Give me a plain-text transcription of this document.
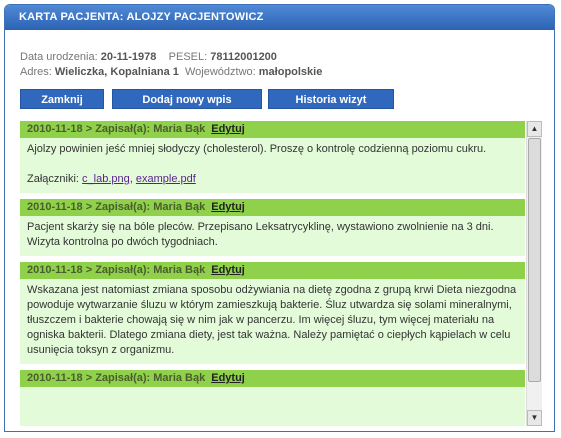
KARTA PACJENTA: ALOJZY PACJENTOWICZ
Data urodzenia: 20-11-1978 PESEL: 78112001200
Adres: Wieliczka, Kopalniana 1 Województwo: małopolskie
Zamknij	Dodaj nowy wpis	Historia wizyt
2010-11-18 > Zapisał(a): Maria Bąk Edytuj
Ajolzy powinien jeść mniej słodyczy (cholesterol). Proszę o kontrolę codzienną poziomu cukru.
Załączniki: c_lab.png, example.pdf
2010-11-18 > Zapisał(a): Maria Bąk Edytuj
Pacjent skarży się na bóle pleców. Przepisano Leksatrycyklinę, wystawiono zwolnienie na 3 dni. Wizyta kontrolna po dwóch tygodniach.
2010-11-18 > Zapisał(a): Maria Bąk Edytuj
Wskazana jest natomiast zmiana sposobu odżywiania na dietę zgodna z grupą krwi Dieta niezgodna powoduje wytwarzanie śluzu w którym zamieszkują bakterie. Śluz utwardza się solami mineralnymi, tłuszczem i bakterie chowają się w nim jak w pancerzu. Im więcej śluzu, tym więcej materiału na ogniska bakterii. Dlatego zmiana diety, jest tak ważna. Należy pamiętać o ciepłych kąpielach w celu usunięcia toksyn z organizmu.
2010-11-18 > Zapisał(a): Maria Bąk Edytuj
▲
▼
